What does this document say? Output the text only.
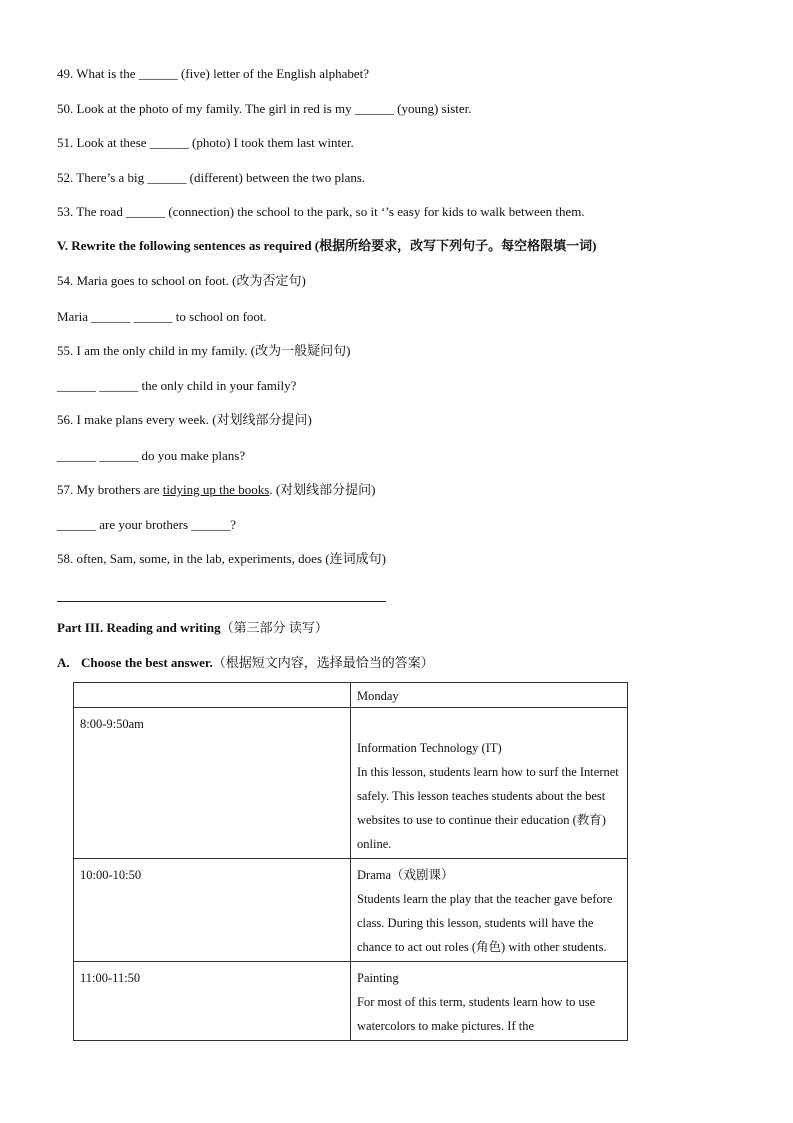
49. What is the ______ (five) letter of the English alphabet?
50. Look at the photo of my family. The girl in red is my ______ (young) sister.
51. Look at these ______ (photo) I took them last winter.
52. There’s a big ______ (different) between the two plans.
53. The road ______ (connection) the school to the park, so it ‘’s easy for kids to walk between them.
V. Rewrite the following sentences as required (根据所给要求，改写下列句子。每空格限填一词)
54. Maria goes to school on foot. (改为否定句)
Maria ______ ______ to school on foot.
55. I am the only child in my family. (改为一般疑问句)
______ ______ the only child in your family?
56. I make plans every week. (对划线部分提问)
______ ______ do you make plans?
57. My brothers are tidying up the books. (对划线部分提问)
______ are your brothers ______?
58. often, Sam, some, in the lab, experiments, does (连词成句)
Part III. Reading and writing（第三部分 读写）
A. Choose the best answer.（根据短文内容，选择最恰当的答案）
	Monday
8:00-9:50am	Information Technology (IT)

In this lesson, students learn how to surf the Internet safely. This lesson teaches students about the best websites to use to continue their education (教育) online.

10:00-10:50	Drama（戏剧课）

Students learn the play that the teacher gave before class. During this lesson, students will have the chance to act out roles (角色) with other students.

11:00-11:50	Painting

For most of this term, students learn how to use watercolors to make pictures. If the
